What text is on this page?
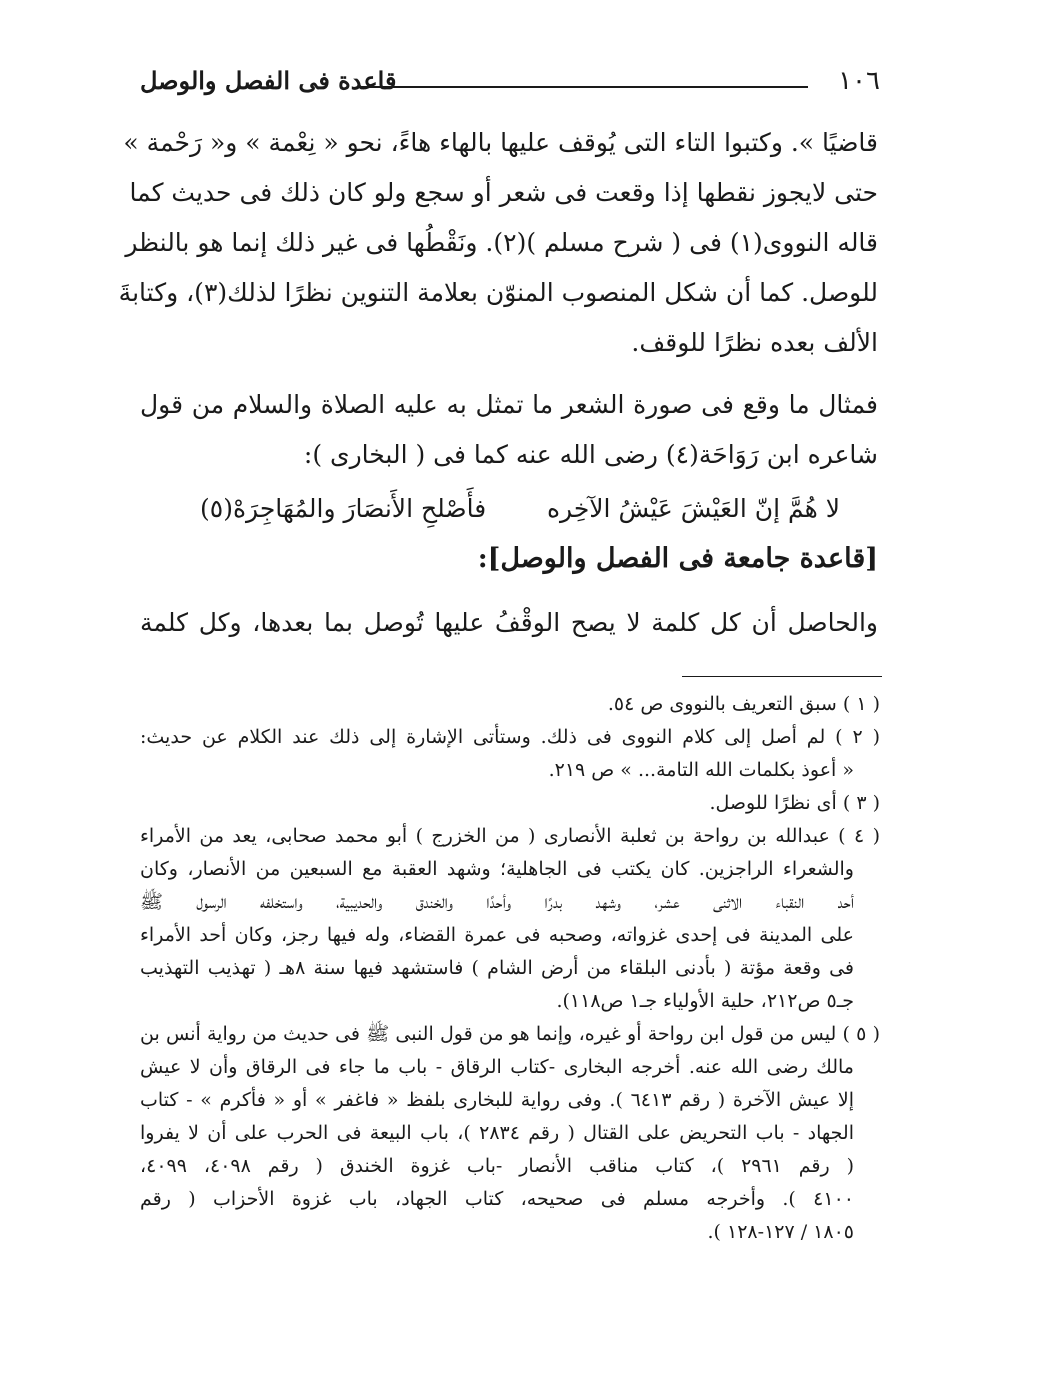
١٠٦
قاعدة فى الفصل والوصل
قاضيًا ». وكتبوا التاء التى يُوقف عليها بالهاء هاءً، نحو « نِعْمة » و« رَحْمة »
حتى لايجوز نقطها إذا وقعت فى شعر أو سجع ولو كان ذلك فى حديث كما
قاله النووى(١) فى ( شرح مسلم )(٢). ونَقْطُها فى غير ذلك إنما هو بالنظر
للوصل. كما أن شكل المنصوب المنوّن بعلامة التنوين نظرًا لذلك(٣)، وكتابةَ
الألف بعده نظرًا للوقف.
فمثال ما وقع فى صورة الشعر ما تمثل به عليه الصلاة والسلام من قول
شاعره ابن رَوَاحَة(٤) رضى الله عنه كما فى ( البخارى ):
لا هُمَّ إنّ العَيْشَ عَيْشُ الآخِره
فأَصْلحِ الأَنصَارَ والمُهَاجِرَهْ(٥)
[قاعدة جامعة فى الفصل والوصل]:
والحاصل أن كل كلمة لا يصح الوقْفُ عليها تُوصل بما بعدها، وكل كلمة
( ١ ) سبق التعريف بالنووى ص ٥٤.
( ٢ ) لم أصل إلى كلام النووى فى ذلك. وستأتى الإشارة إلى ذلك عند الكلام عن حديث:
« أعوذ بكلمات الله التامة... » ص ٢١٩.
( ٣ ) أى نظرًا للوصل.
( ٤ ) عبدالله بن رواحة بن ثعلبة الأنصارى ( من الخزرج ) أبو محمد صحابى، يعد من الأمراء
والشعراء الراجزين. كان يكتب فى الجاهلية؛ وشهد العقبة مع السبعين من الأنصار، وكان
أحد النقباء الاثنى عشر، وشهد بدرًا وأحدًا والخندق والحديبية، واستخلفه الرسول ﷺ
على المدينة فى إحدى غزواته، وصحبه فى عمرة القضاء، وله فيها رجز، وكان أحد الأمراء
فى وقعة مؤتة ( بأدنى البلقاء من أرض الشام ) فاستشهد فيها سنة ٨هـ ( تهذيب التهذيب
جـ٥ ص٢١٢، حلية الأولياء جـ١ ص١١٨).
( ٥ ) ليس من قول ابن رواحة أو غيره، وإنما هو من قول النبى ﷺ فى حديث من رواية أنس بن
مالك رضى الله عنه. أخرجه البخارى -كتاب الرقاق - باب ما جاء فى الرقاق وأن لا عيش
إلا عيش الآخرة ( رقم ٦٤١٣ ). وفى رواية للبخارى بلفظ « فاغفر » أو « فأكرم » - كتاب
الجهاد - باب التحريض على القتال ( رقم ٢٨٣٤ )، باب البيعة فى الحرب على أن لا يفروا
( رقم ٢٩٦١ )، كتاب مناقب الأنصار -باب غزوة الخندق ( رقم ٤٠٩٨، ٤٠٩٩،
٤١٠٠ ). وأخرجه مسلم فى صحيحه، كتاب الجهاد، باب غزوة الأحزاب ( رقم
١٨٠٥ / ١٢٧-١٢٨ ).
